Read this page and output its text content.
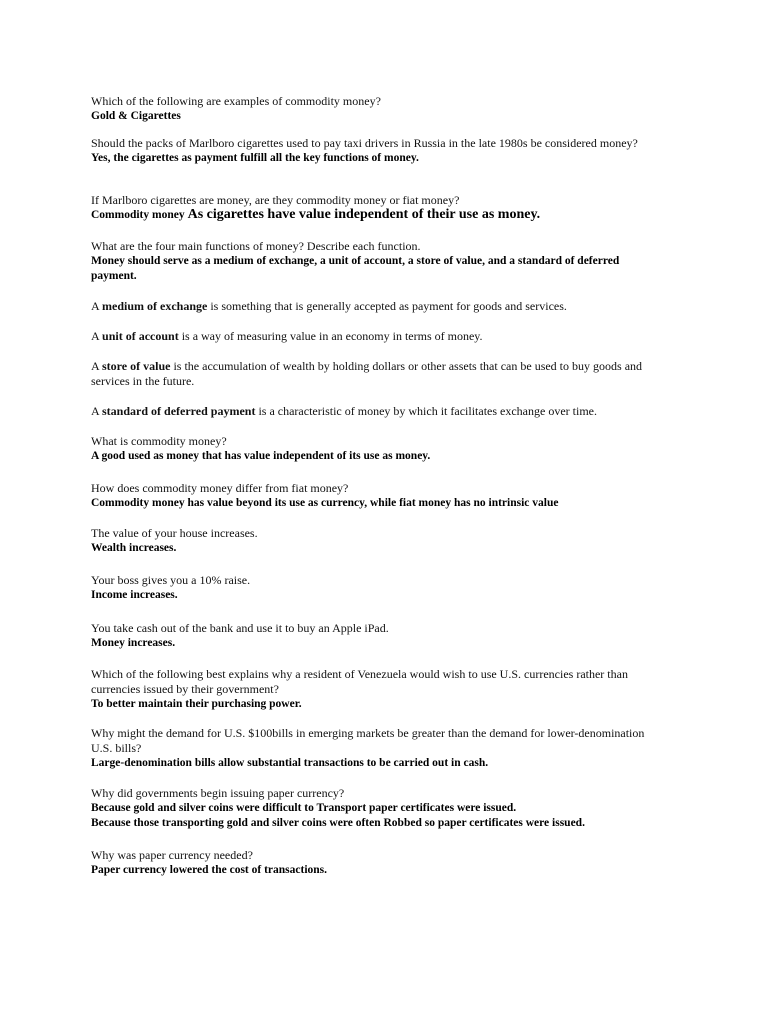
Which of the following are examples of commodity money?
Gold & Cigarettes
Should the packs of Marlboro cigarettes used to pay taxi drivers in Russia in the late 1980s be considered money?
Yes, the cigarettes as payment fulfill all the key functions of money.
If Marlboro cigarettes are money, are they commodity money or fiat money?
Commodity money As cigarettes have value independent of their use as money.
What are the four main functions of money? Describe each function.
Money should serve as a medium of exchange, a unit of account, a store of value, and a standard of deferred
payment.
A medium of exchange is something that is generally accepted as payment for goods and services.
A unit of account is a way of measuring value in an economy in terms of money.
A store of value is the accumulation of wealth by holding dollars or other assets that can be used to buy goods and
services in the future.
A standard of deferred payment is a characteristic of money by which it facilitates exchange over time.
What is commodity money?
A good used as money that has value independent of its use as money.
How does commodity money differ from fiat money?
Commodity money has value beyond its use as currency, while fiat money has no intrinsic value
The value of your house increases.
Wealth increases.
Your boss gives you a 10% raise.
Income increases.
You take cash out of the bank and use it to buy an Apple iPad.
Money increases.
Which of the following best explains why a resident of Venezuela would wish to use U.S. currencies rather than
currencies issued by their government?
To better maintain their purchasing power.
Why might the demand for U.S. $100bills in emerging markets be greater than the demand for lower-denomination
U.S. bills?
Large-denomination bills allow substantial transactions to be carried out in cash.
Why did governments begin issuing paper currency?
Because gold and silver coins were difficult to Transport paper certificates were issued.
Because those transporting gold and silver coins were often Robbed so paper certificates were issued.
Why was paper currency needed?
Paper currency lowered the cost of transactions.
